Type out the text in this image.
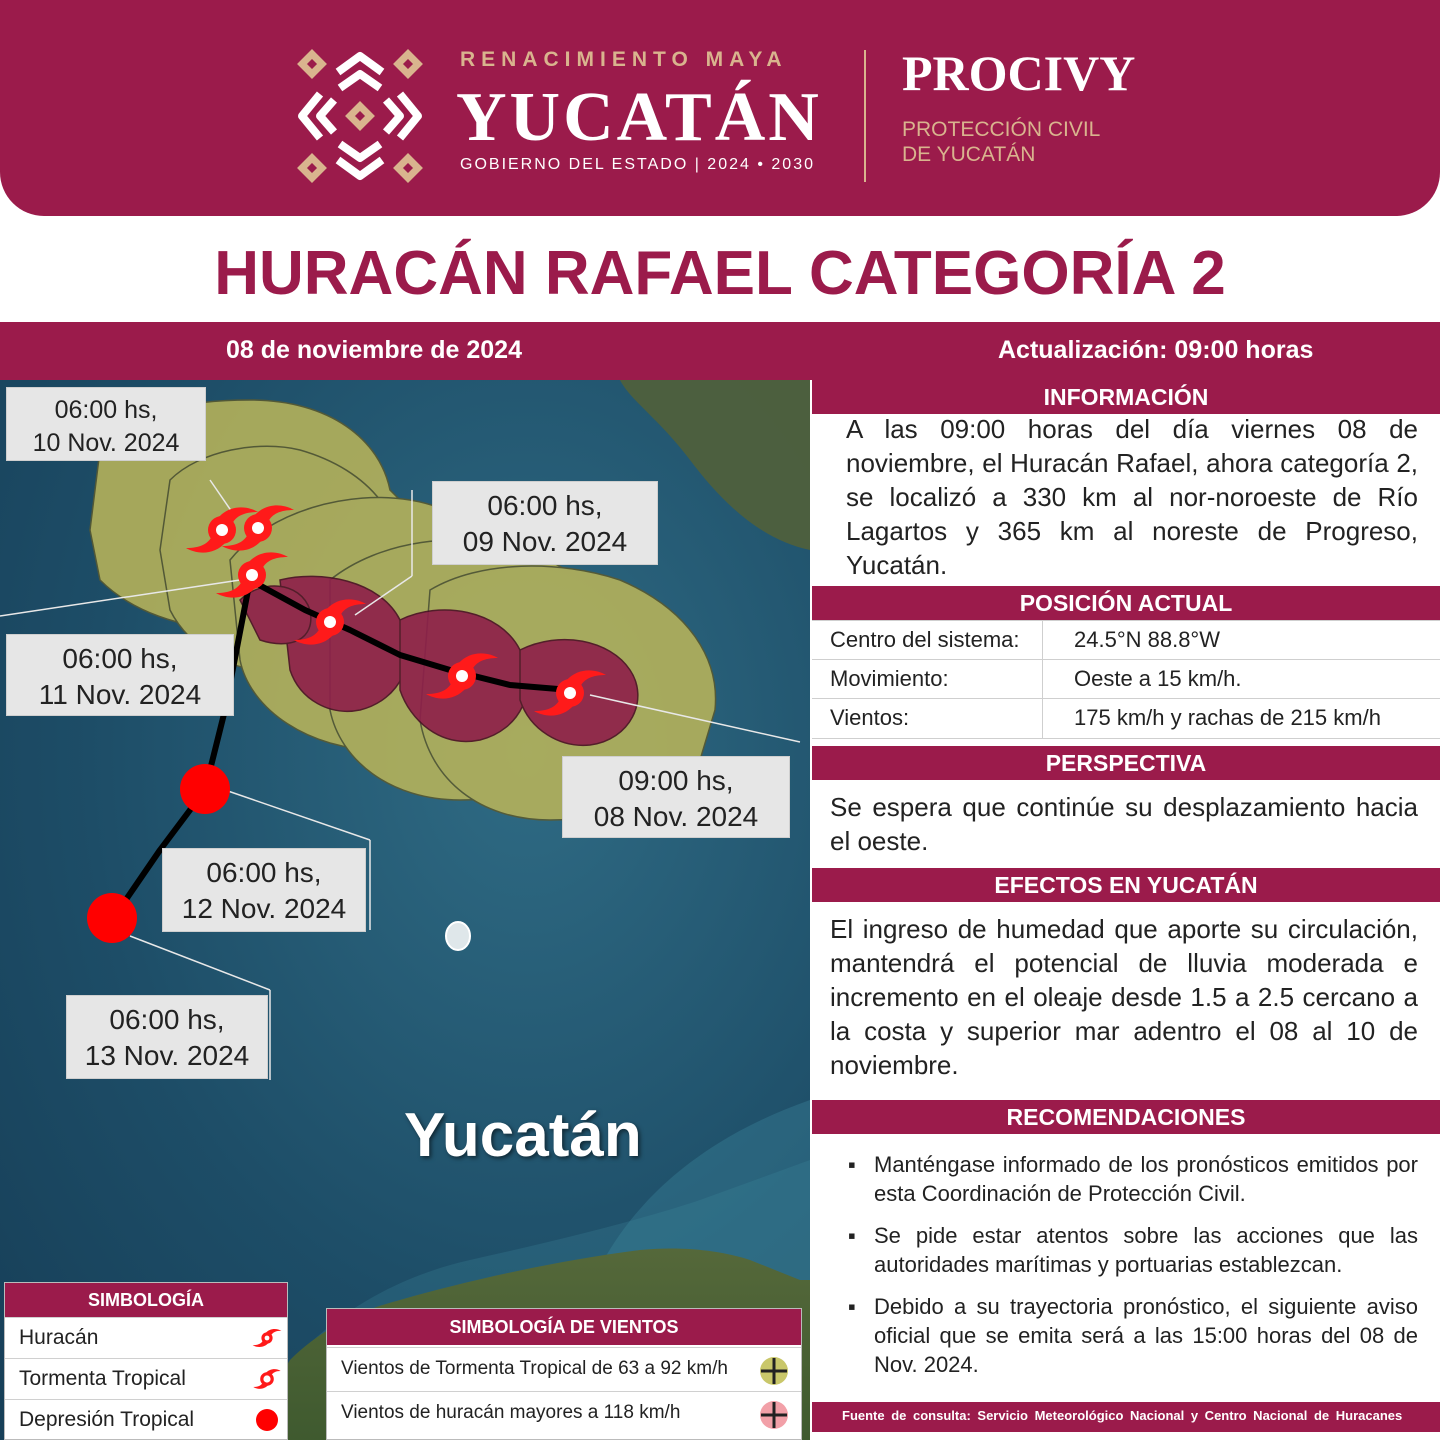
RENACIMIENTO MAYA
YUCATÁN
GOBIERNO DEL ESTADO | 2024 • 2030
PROCIVY
PROTECCIÓN CIVIL
DE YUCATÁN
HURACÁN RAFAEL CATEGORÍA 2
08 de noviembre de 2024	Actualización: 09:00 horas
06:00 hs,
10 Nov. 2024
06:00 hs,
09 Nov. 2024
06:00 hs,
11 Nov. 2024
09:00 hs,
08 Nov. 2024
06:00 hs,
12 Nov. 2024
06:00 hs,
13 Nov. 2024
Yucatán
SIMBOLOGÍA
Huracán
Tormenta Tropical
Depresión Tropical
SIMBOLOGÍA DE VIENTOS
Vientos de Tormenta Tropical de 63 a 92 km/h
Vientos de huracán mayores a 118 km/h
INFORMACIÓN
A las 09:00 horas del día viernes 08 de noviembre, el Huracán Rafael, ahora categoría 2, se localizó a 330 km al nor-noroeste de Río Lagartos y 365 km al noreste de Progreso, Yucatán.
POSICIÓN ACTUAL
Centro del sistema: 24.5°N 88.8°W
Movimiento:	Oeste a 15 km/h.
Vientos:	175 km/h y rachas de 215 km/h
PERSPECTIVA
Se espera que continúe su desplazamiento hacia el oeste.
EFECTOS EN YUCATÁN
El ingreso de humedad que aporte su circulación, mantendrá el potencial de lluvia moderada e incremento en el oleaje desde 1.5 a 2.5 cercano a la costa y superior mar adentro el 08 al 10 de noviembre.
RECOMENDACIONES
▪ Manténgase informado de los pronósticos emitidos por esta Coordinación de Protección Civil.
▪ Se pide estar atentos sobre las acciones que las autoridades marítimas y portuarias establezcan.
▪ Debido a su trayectoria pronóstico, el siguiente aviso oficial que se emita será a las 15:00 horas del 08 de Nov. 2024.
Fuente de consulta: Servicio Meteorológico Nacional y Centro Nacional de Huracanes
